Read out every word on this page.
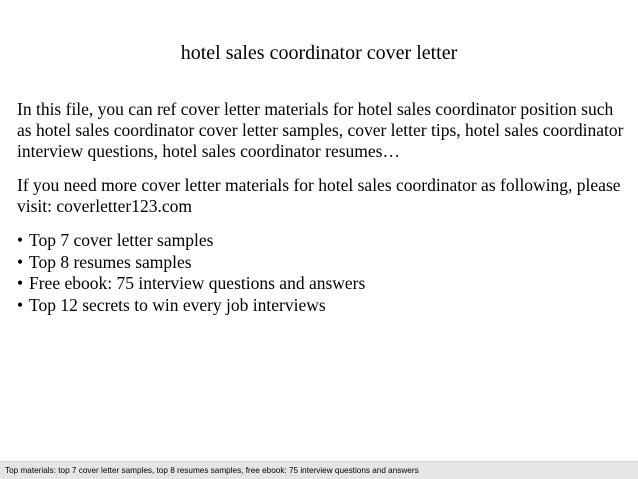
hotel sales coordinator cover letter

In this file, you can ref cover letter materials for hotel sales coordinator position such as hotel sales coordinator cover letter samples, cover letter tips, hotel sales coordinator interview questions, hotel sales coordinator resumes…

If you need more cover letter materials for hotel sales coordinator as following, please visit: coverletter123.com

• Top 7 cover letter samples
• Top 8 resumes samples
• Free ebook: 75 interview questions and answers
• Top 12 secrets to win every job interviews
Top materials: top 7 cover letter samples, top 8 resumes samples, free ebook: 75 interview questions and answers
